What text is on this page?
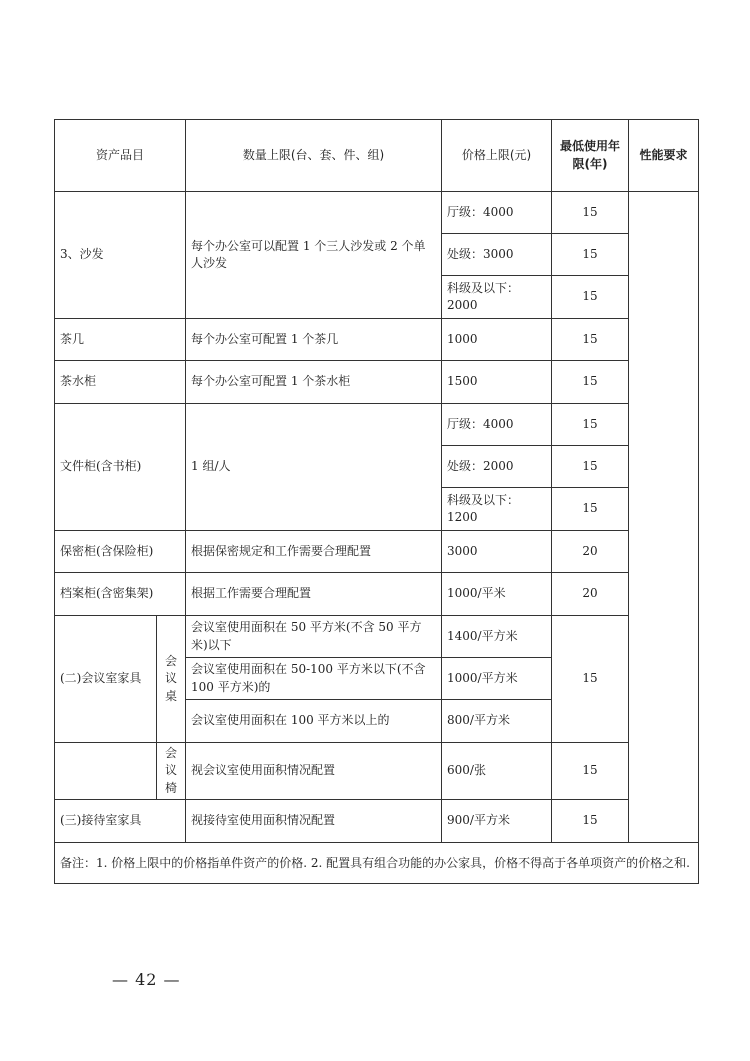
资产品目		数量上限(台、套、件、组)	价格上限(元)	最低使用年限(年)	性能要求
3、沙发		每个办公室可以配置 1 个三人沙发或 2 个单人沙发	厅级：4000	15	
			处级：3000	15	
			科级及以下：2000	15	
茶几		每个办公室可配置 1 个茶几	1000	15	
茶水柜		每个办公室可配置 1 个茶水柜	1500	15	
文件柜(含书柜)		1 组/人	厅级：4000	15	
			处级：2000	15	
			科级及以下：1200	15	
保密柜(含保险柜)		根据保密规定和工作需要合理配置	3000	20	
档案柜(含密集架)		根据工作需要合理配置	1000/平米	20	
(二)会议室家具	会议桌	会议室使用面积在 50 平方米(不含 50 平方米)以下	1400/平方米	15	
		会议室使用面积在 50-100 平方米以下(不含 100 平方米)的	1000/平方米		
		会议室使用面积在 100 平方米以上的	800/平方米		
	会议椅	视会议室使用面积情况配置	600/张	15	
(三)接待室家具		视接待室使用面积情况配置	900/平方米	15	
备注：1. 价格上限中的价格指单件资产的价格. 2. 配置具有组合功能的办公家具，价格不得高于各单项资产的价格之和.					
— 42 —
